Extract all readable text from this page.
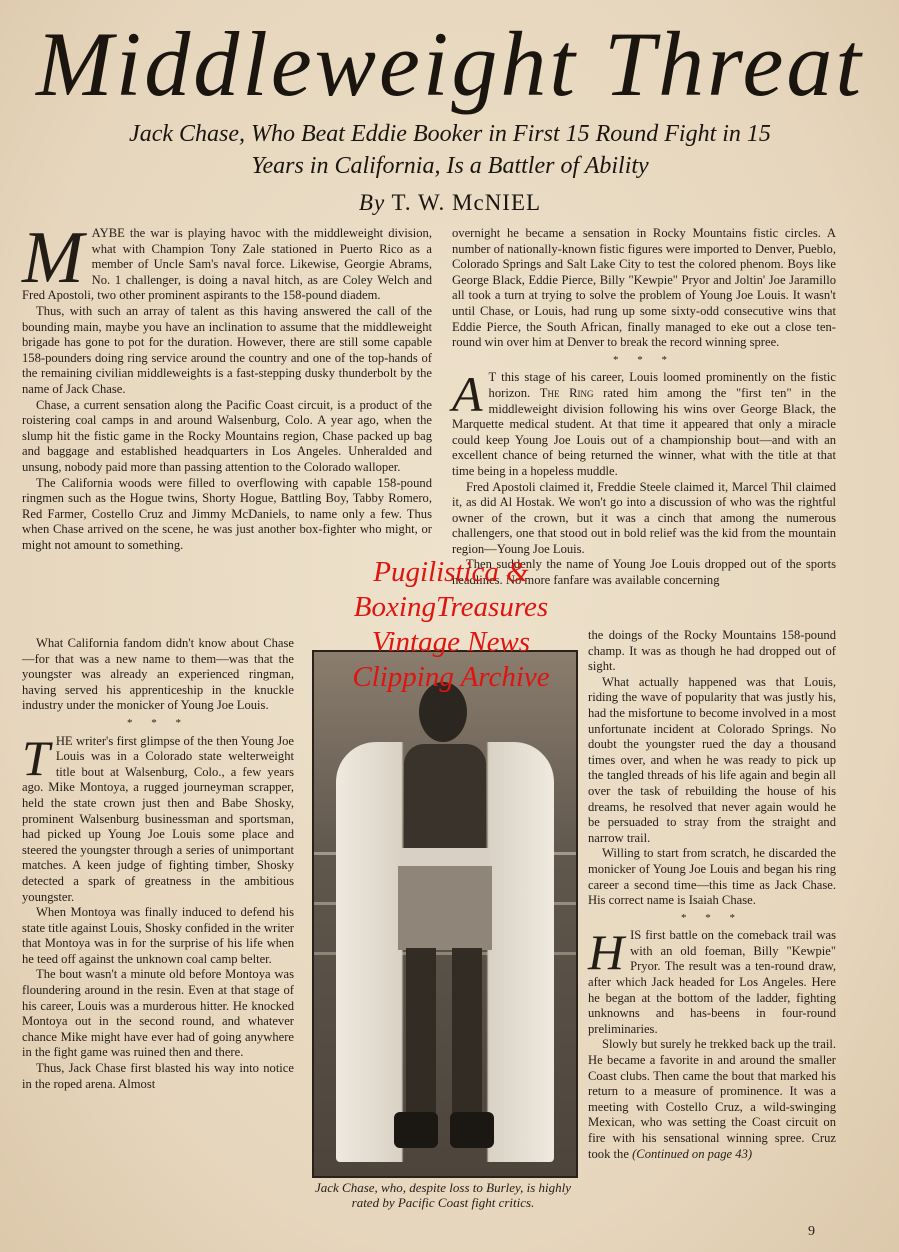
Middleweight Threat
Jack Chase, Who Beat Eddie Booker in First 15 Round Fight in 15
Years in California, Is a Battler of Ability
By T. W. McNIEL

MAYBE the war is playing havoc with the middleweight division, what with Champion Tony Zale stationed in Puerto Rico as a member of Uncle Sam's naval force. Likewise, Georgie Abrams, No. 1 challenger, is doing a naval hitch, as are Coley Welch and Fred Apostoli, two other prominent aspirants to the 158-pound diadem.

Thus, with such an array of talent as this having answered the call of the bounding main, maybe you have an inclination to assume that the middleweight brigade has gone to pot for the duration. However, there are still some capable 158-pounders doing ring service around the country and one of the top-hands of the remaining civilian middleweights is a fast-stepping dusky thunderbolt by the name of Jack Chase.

Chase, a current sensation along the Pacific Coast circuit, is a product of the roistering coal camps in and around Walsenburg, Colo. A year ago, when the slump hit the fistic game in the Rocky Mountains region, Chase packed up bag and baggage and established headquarters in Los Angeles. Unheralded and unsung, nobody paid more than passing attention to the Colorado walloper.

The California woods were filled to overflowing with capable 158-pound ringmen such as the Hogue twins, Shorty Hogue, Battling Boy, Tabby Romero, Red Farmer, Costello Cruz and Jimmy McDaniels, to name only a few. Thus when Chase arrived on the scene, he was just another box-fighter who might, or might not amount to something.

What California fandom didn't know about Chase—for that was a new name to them—was that the youngster was already an experienced ringman, having served his apprenticeship in the knuckle industry under the monicker of Young Joe Louis.

* * *

THE writer's first glimpse of the then Young Joe Louis was in a Colorado state welterweight title bout at Walsenburg, Colo., a few years ago. Mike Montoya, a rugged journeyman scrapper, held the state crown just then and Babe Shosky, prominent Walsenburg businessman and sportsman, had picked up Young Joe Louis some place and steered the youngster through a series of unimportant matches. A keen judge of fighting timber, Shosky detected a spark of greatness in the ambitious youngster.

When Montoya was finally induced to defend his state title against Louis, Shosky confided in the writer that Montoya was in for the surprise of his life when he teed off against the unknown coal camp belter.

The bout wasn't a minute old before Montoya was floundering around in the resin. Even at that stage of his career, Louis was a murderous hitter. He knocked Montoya out in the second round, and whatever chance Mike might have ever had of going anywhere in the fight game was ruined then and there.

Thus, Jack Chase first blasted his way into notice in the roped arena. Almost

overnight he became a sensation in Rocky Mountains fistic circles. A number of nationally-known fistic figures were imported to Denver, Pueblo, Colorado Springs and Salt Lake City to test the colored phenom. Boys like George Black, Eddie Pierce, Billy "Kewpie" Pryor and Joltin' Joe Jaramillo all took a turn at trying to solve the problem of Young Joe Louis. It wasn't until Chase, or Louis, had rung up some sixty-odd consecutive wins that Eddie Pierce, the South African, finally managed to eke out a close ten-round win over him at Denver to break the record winning spree.

* * *

A T this stage of his career, Louis loomed prominently on the fistic horizon. The Ring rated him among the "first ten" in the middleweight division following his wins over George Black, the Marquette medical student. At that time it appeared that only a miracle could keep Young Joe Louis out of a championship bout—and with an excellent chance of being returned the winner, what with the title at that time being in a hopeless muddle.

Fred Apostoli claimed it, Freddie Steele claimed it, Marcel Thil claimed it, as did Al Hostak. We won't go into a discussion of who was the rightful owner of the crown, but it was a cinch that among the numerous challengers, one that stood out in bold relief was the kid from the mountain region—Young Joe Louis.

Then suddenly the name of Young Joe Louis dropped out of the sports headlines. No more fanfare was available concerning

the doings of the Rocky Mountains 158-pound champ. It was as though he had dropped out of sight.

What actually happened was that Louis, riding the wave of popularity that was justly his, had the misfortune to become involved in a most unfortunate incident at Colorado Springs. No doubt the youngster rued the day a thousand times over, and when he was ready to pick up the tangled threads of his life again and begin all over the task of rebuilding the house of his dreams, he resolved that never again would he be persuaded to stray from the straight and narrow trail.

Willing to start from scratch, he discarded the monicker of Young Joe Louis and began his ring career a second time—this time as Jack Chase. His correct name is Isaiah Chase.

* * *

HIS first battle on the comeback trail was with an old foeman, Billy "Kewpie" Pryor. The result was a ten-round draw, after which Jack headed for Los Angeles. Here he began at the bottom of the ladder, fighting unknowns and has-beens in four-round preliminaries.

Slowly but surely he trekked back up the trail. He became a favorite in and around the smaller Coast clubs. Then came the bout that marked his return to a measure of prominence. It was a meeting with Costello Cruz, a wild-swinging Mexican, who was setting the Coast circuit on fire with his sensational winning spree. Cruz took the (Continued on page 43)

Jack Chase, who, despite loss to Burley, is highly rated by Pacific Coast fight critics.
Pugilistica &
BoxingTreasures
Vintage News
Clipping Archive
9
